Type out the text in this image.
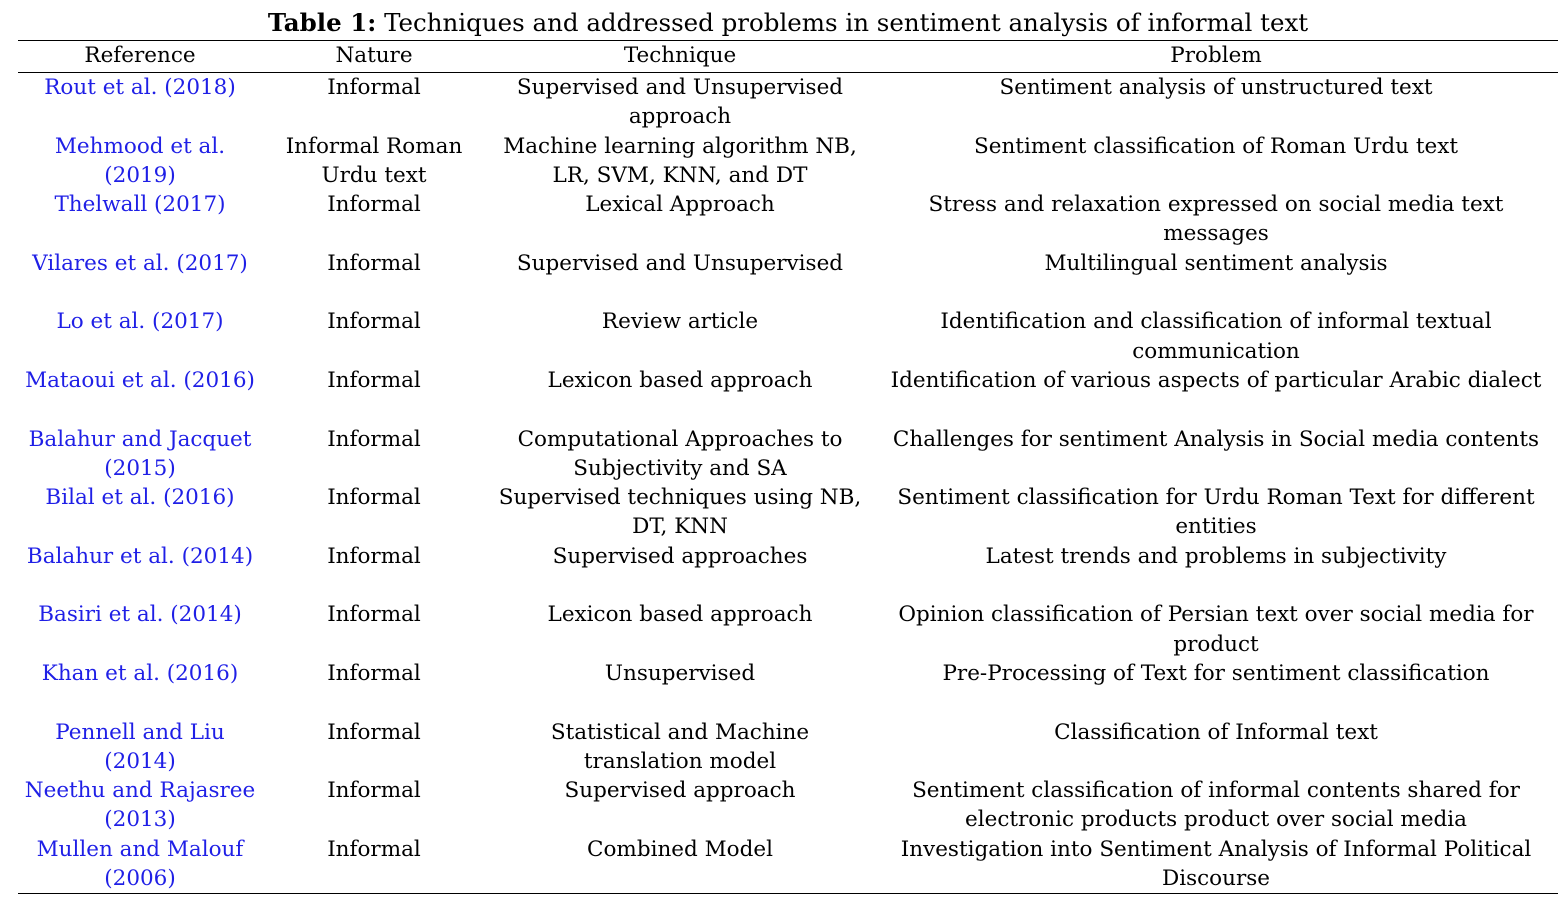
Table 1: Techniques and addressed problems in sentiment analysis of informal text
Reference	Nature	Technique	Problem
Rout et al. (2018)	Informal	Supervised and Unsupervised approach	Sentiment analysis of unstructured text
Mehmood et al. (2019)	Informal Roman Urdu text	Machine learning algorithm NB, LR, SVM, KNN, and DT	Sentiment classification of Roman Urdu text
Thelwall (2017)	Informal	Lexical Approach	Stress and relaxation expressed on social media text messages
Vilares et al. (2017)	Informal	Supervised and Unsupervised	Multilingual sentiment analysis
Lo et al. (2017)	Informal	Review article	Identification and classification of informal textual communication
Mataoui et al. (2016)	Informal	Lexicon based approach	Identification of various aspects of particular Arabic dialect
Balahur and Jacquet (2015)	Informal	Computational Approaches to Subjectivity and SA	Challenges for sentiment Analysis in Social media contents
Bilal et al. (2016)	Informal	Supervised techniques using NB, DT, KNN	Sentiment classification for Urdu Roman Text for different entities
Balahur et al. (2014)	Informal	Supervised approaches	Latest trends and problems in subjectivity
Basiri et al. (2014)	Informal	Lexicon based approach	Opinion classification of Persian text over social media for product
Khan et al. (2016)	Informal	Unsupervised	Pre-Processing of Text for sentiment classification
Pennell and Liu (2014)	Informal	Statistical and Machine translation model	Classification of Informal text
Neethu and Rajasree (2013)	Informal	Supervised approach	Sentiment classification of informal contents shared for electronic products product over social media
Mullen and Malouf (2006)	Informal	Combined Model	Investigation into Sentiment Analysis of Informal Political Discourse
